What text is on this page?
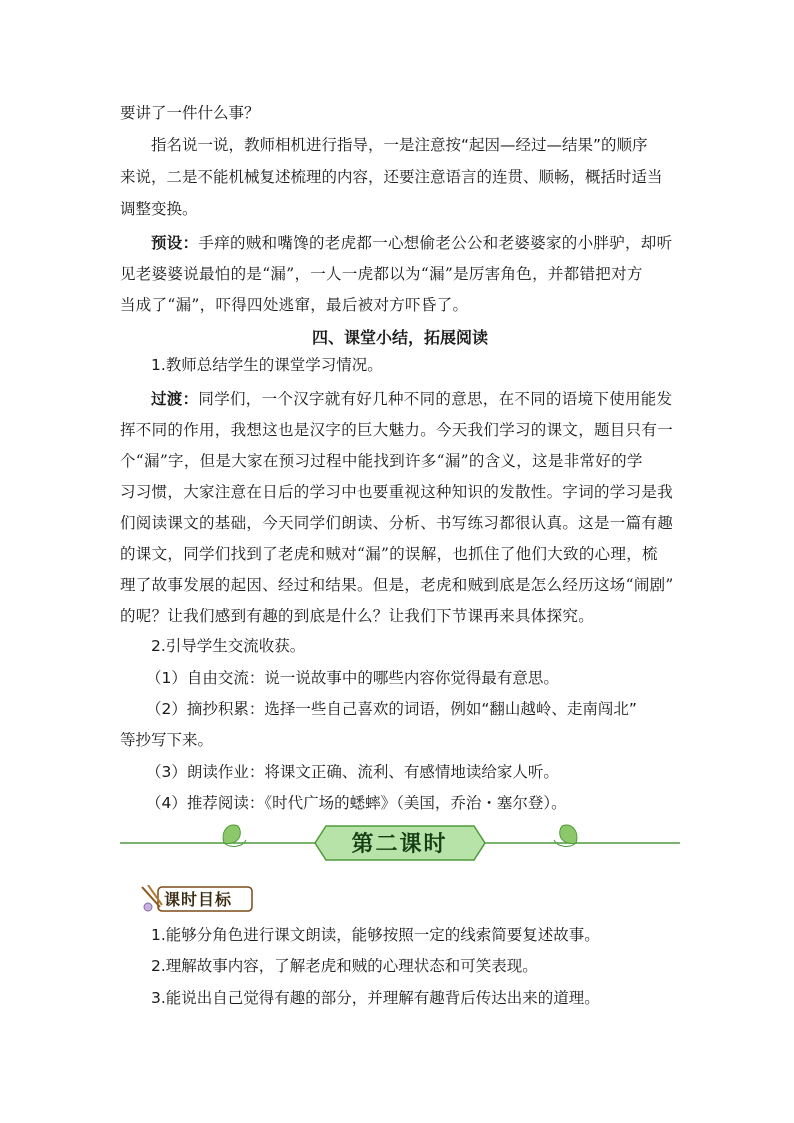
要讲了一件什么事？
指名说一说，教师相机进行指导，一是注意按“起因—经过—结果”的顺序
来说，二是不能机械复述梳理的内容，还要注意语言的连贯、顺畅，概括时适当
调整变换。
预设：手痒的贼和嘴馋的老虎都一心想偷老公公和老婆婆家的小胖驴，却听
见老婆婆说最怕的是“漏”，一人一虎都以为“漏”是厉害角色，并都错把对方
当成了“漏”，吓得四处逃窜，最后被对方吓昏了。
四、课堂小结，拓展阅读
1.教师总结学生的课堂学习情况。
过渡：同学们，一个汉字就有好几种不同的意思，在不同的语境下使用能发
挥不同的作用，我想这也是汉字的巨大魅力。今天我们学习的课文，题目只有一
个“漏”字，但是大家在预习过程中能找到许多“漏”的含义，这是非常好的学
习习惯，大家注意在日后的学习中也要重视这种知识的发散性。字词的学习是我
们阅读课文的基础，今天同学们朗读、分析、书写练习都很认真。这是一篇有趣
的课文，同学们找到了老虎和贼对“漏”的误解，也抓住了他们大致的心理，梳
理了故事发展的起因、经过和结果。但是，老虎和贼到底是怎么经历这场“闹剧”
的呢？让我们感到有趣的到底是什么？让我们下节课再来具体探究。
2.引导学生交流收获。
（1）自由交流：说一说故事中的哪些内容你觉得最有意思。
（2）摘抄积累：选择一些自己喜欢的词语，例如“翻山越岭、走南闯北”
等抄写下来。
（3）朗读作业：将课文正确、流利、有感情地读给家人听。
（4）推荐阅读：《时代广场的蟋蟀》（美国，乔治・塞尔登）。
第二课时
课时目标
1.能够分角色进行课文朗读，能够按照一定的线索简要复述故事。
2.理解故事内容，了解老虎和贼的心理状态和可笑表现。
3.能说出自己觉得有趣的部分，并理解有趣背后传达出来的道理。
